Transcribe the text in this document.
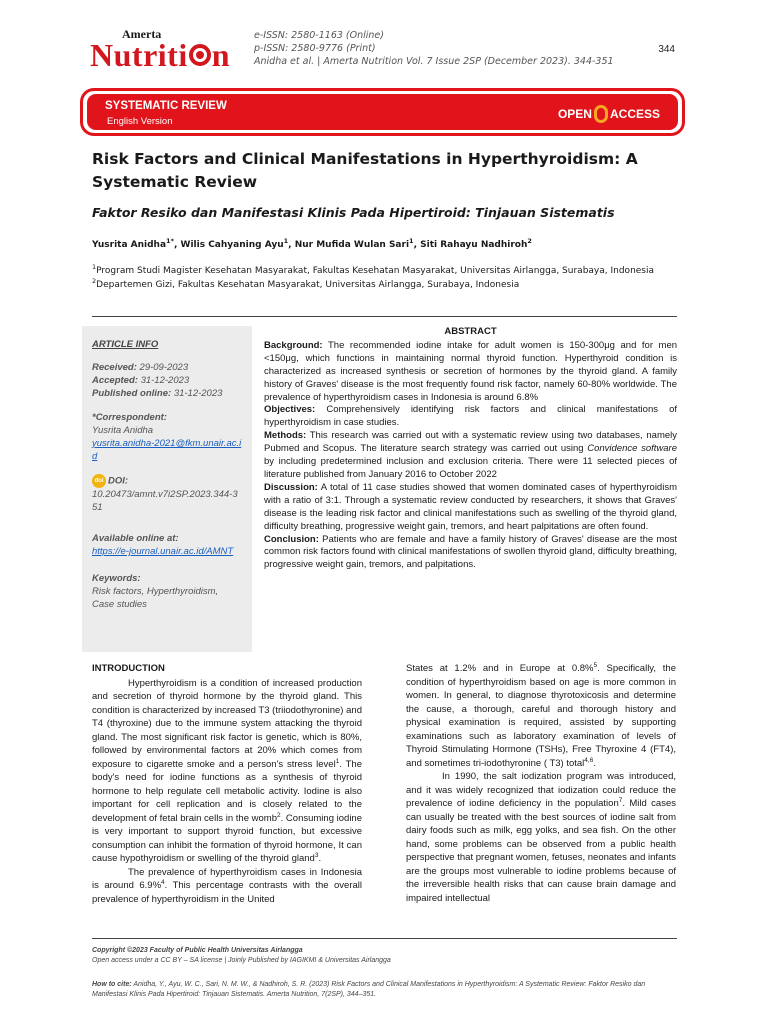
Amerta
Nutriti n
e-ISSN: 2580-1163 (Online)
p-ISSN: 2580-9776 (Print)
Anidha et al. | Amerta Nutrition Vol. 7 Issue 2SP (December 2023). 344-351
344
SYSTEMATIC REVIEW
English Version
OPEN ACCESS
Risk Factors and Clinical Manifestations in Hyperthyroidism: A Systematic Review
Faktor Resiko dan Manifestasi Klinis Pada Hipertiroid: Tinjauan Sistematis
Yusrita Anidha$^{1*}$, Wilis Cahyaning Ayu$^1$, Nur Mufida Wulan Sari$^1$, Siti Rahayu Nadhiroh$^2$
$^1$Program Studi Magister Kesehatan Masyarakat, Fakultas Kesehatan Masyarakat, Universitas Airlangga, Surabaya, Indonesia
$^2$Departemen Gizi, Fakultas Kesehatan Masyarakat, Universitas Airlangga, Surabaya, Indonesia
ARTICLE INFO
Received: 29-09-2023
Accepted: 31-12-2023
Published online: 31-12-2023
*Correspondent:
Yusrita Anidha
yusrita.anidha-2021@fkm.unair.ac.id
doi DOI:
10.20473/amnt.v7i2SP.2023.344-351
Available online at:
https://e-journal.unair.ac.id/AMNT
Keywords:
Risk factors, Hyperthyroidism, Case studies
ABSTRACT
Background: The recommended iodine intake for adult women is 150-300μg and for men <150μg, which functions in maintaining normal thyroid function. Hyperthyroid condition is characterized as increased synthesis or secretion of hormones by the thyroid gland. A family history of Graves' disease is the most frequently found risk factor, namely 60-80% worldwide. The prevalence of hyperthyroidism cases in Indonesia is around 6.8%
Objectives: Comprehensively identifying risk factors and clinical manifestations of hyperthyroidism in case studies.
Methods: This research was carried out with a systematic review using two databases, namely Pubmed and Scopus. The literature search strategy was carried out using Convidence software by including predetermined inclusion and exclusion criteria. There were 11 selected pieces of literature published from January 2016 to October 2022
Discussion: A total of 11 case studies showed that women dominated cases of hyperthyroidism with a ratio of 3:1. Through a systematic review conducted by researchers, it shows that Graves' disease is the leading risk factor and clinical manifestations such as swelling of the thyroid gland, difficulty breathing, progressive weight gain, tremors, and heart palpitations are often found.
Conclusion: Patients who are female and have a family history of Graves' disease are the most common risk factors found with clinical manifestations of swollen thyroid gland, difficulty breathing, progressive weight gain, tremors, and palpitations.
INTRODUCTION

Hyperthyroidism is a condition of increased production and secretion of thyroid hormone by the thyroid gland. This condition is characterized by increased T3 (triiodothyronine) and T4 (thyroxine) due to the immune system attacking the thyroid gland. The most significant risk factor is genetic, which is 80%, followed by environmental factors at 20% which comes from exposure to cigarette smoke and a person's stress level$^1$. The body's need for iodine functions as a synthesis of thyroid hormone to help regulate cell metabolic activity. Iodine is also important for cell replication and is closely related to the development of fetal brain cells in the womb$^2$. Consuming iodine is very important to support thyroid function, but excessive consumption can inhibit the formation of thyroid hormone, It can cause hypothyroidism or swelling of the thyroid gland$^3$.

The prevalence of hyperthyroidism cases in Indonesia is around 6.9%$^4$. This percentage contrasts with the overall prevalence of hyperthyroidism in the United

States at 1.2% and in Europe at 0.8%$^5$. Specifically, the condition of hyperthyroidism based on age is more common in women. In general, to diagnose thyrotoxicosis and determine the cause, a thorough, careful and thorough history and physical examination is required, assisted by supporting examinations such as laboratory examination of levels of Thyroid Stimulating Hormone (TSHs), Free Thyroxine 4 (FT4), and sometimes tri-iodothyronine ( T3) total$^{4,6}$.

In 1990, the salt iodization program was introduced, and it was widely recognized that iodization could reduce the prevalence of iodine deficiency in the population$^7$. Mild cases can usually be treated with the best sources of iodine salt from dairy foods such as milk, egg yolks, and sea fish. On the other hand, some problems can be observed from a public health perspective that pregnant women, fetuses, neonates and infants are the groups most vulnerable to iodine problems because of the irreversible health risks that can cause brain damage and impaired intellectual

Copyright ©2023 Faculty of Public Health Universitas Airlangga
Open access under a CC BY – SA license | Joinly Published by IAGIKMI & Universitas Airlangga
How to cite: Anidha, Y., Ayu, W. C., Sari, N. M. W., & Nadhiroh, S. R. (2023) Risk Factors and Clinical Manifestations in Hyperthyroidism: A Systematic Review: Faktor Resiko dan Manifestasi Klinis Pada Hipertiroid: Tinjauan Sistematis. Amerta Nutrition, 7(2SP), 344–351.
